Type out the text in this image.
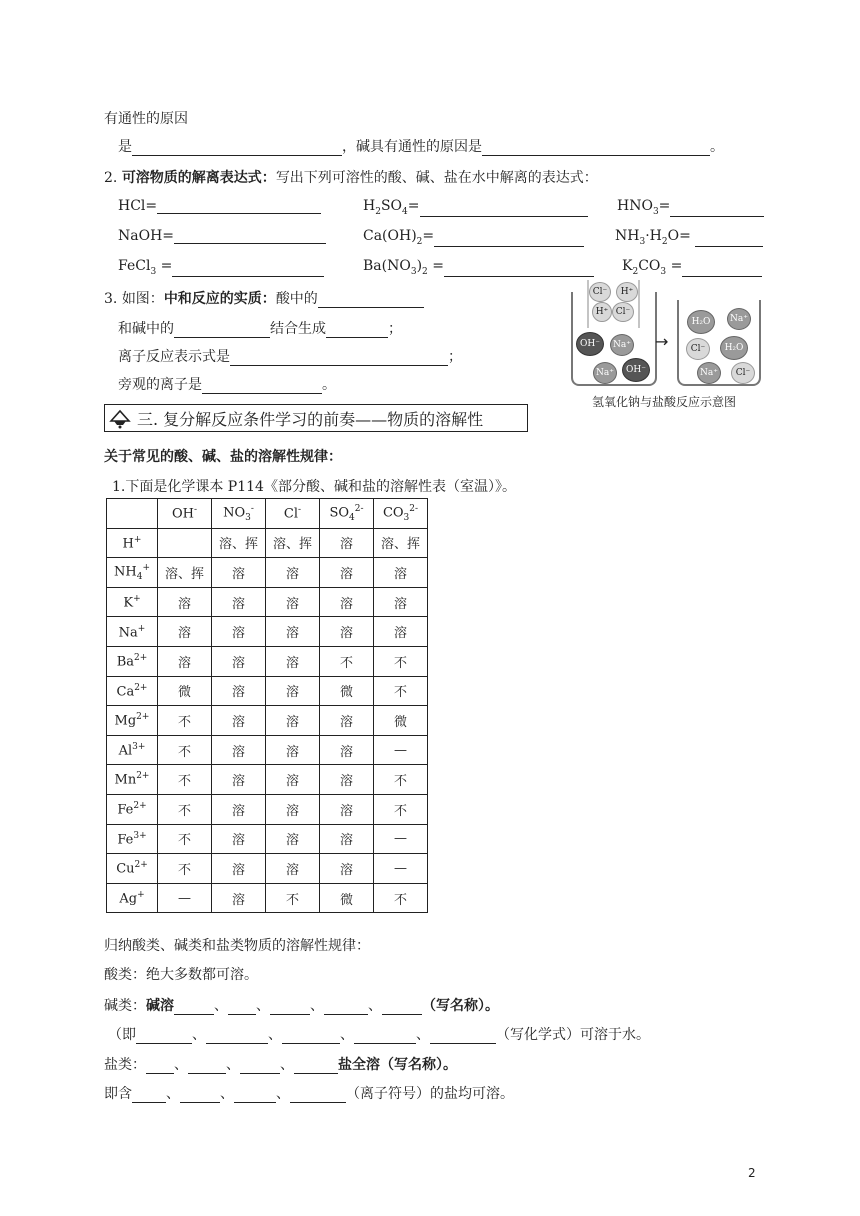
有通性的原因
是	，碱具有通性的原因是	。
2. 可溶物质的解离表达式：写出下列可溶性的酸、碱、盐在水中解离的表达式：
HCl=	$H_2SO_4=$	$HNO_3=$
NaOH=	$Ca(OH)_2=$	$NH_3\cdot H_2O=$
FeCl$_3$ =	$Ba(NO_3)_2$ =	$K_2CO_3$ =
3. 如图：中和反应的实质：酸中的
和碱中的	结合生成	；
离子反应表示式是	；
旁观的离子是	。
Cl⁻	H⁺
H⁺ Cl⁻
OH⁻	Na⁺
Na⁺	OH⁻
→
H₂O	Na⁺
Cl⁻	H₂O
Na⁺	Cl⁻
氢氧化钠与盐酸反应示意图
三. 复分解反应条件学习的前奏——物质的溶解性
关于常见的酸、碱、盐的溶解性规律：
1.下面是化学课本 P114《部分酸、碱和盐的溶解性表（室温）》。
	OH-	$NO_3^-$	Cl-	$SO_4^{2-}$	$CO_3^{2-}$
H+		溶、挥	溶、挥	溶	溶、挥
$NH_4^+$	溶、挥	溶	溶	溶	溶
K+	溶	溶	溶	溶	溶
Na+	溶	溶	溶	溶	溶
$Ba^{2+}$	溶	溶	溶	不	不
$Ca^{2+}$	微	溶	溶	微	不
$Mg^{2+}$	不	溶	溶	溶	微
$Al^{3+}$	不	溶	溶	溶	—
$Mn^{2+}$	不	溶	溶	溶	不
$Fe^{2+}$	不	溶	溶	溶	不
$Fe^{3+}$	不	溶	溶	溶	—
$Cu^{2+}$	不	溶	溶	溶	—
Ag+	—	溶	不	微	不
归纳酸类、碱类和盐类物质的溶解性规律：
酸类：绝大多数都可溶。
碱类：碱溶	、 、	、	、	（写名称）。
（即	、	、	、	、	（写化学式）可溶于水。
盐类： 、	、	、	盐全溶（写名称）。
即含 、	、	、	（离子符号）的盐均可溶。
2
